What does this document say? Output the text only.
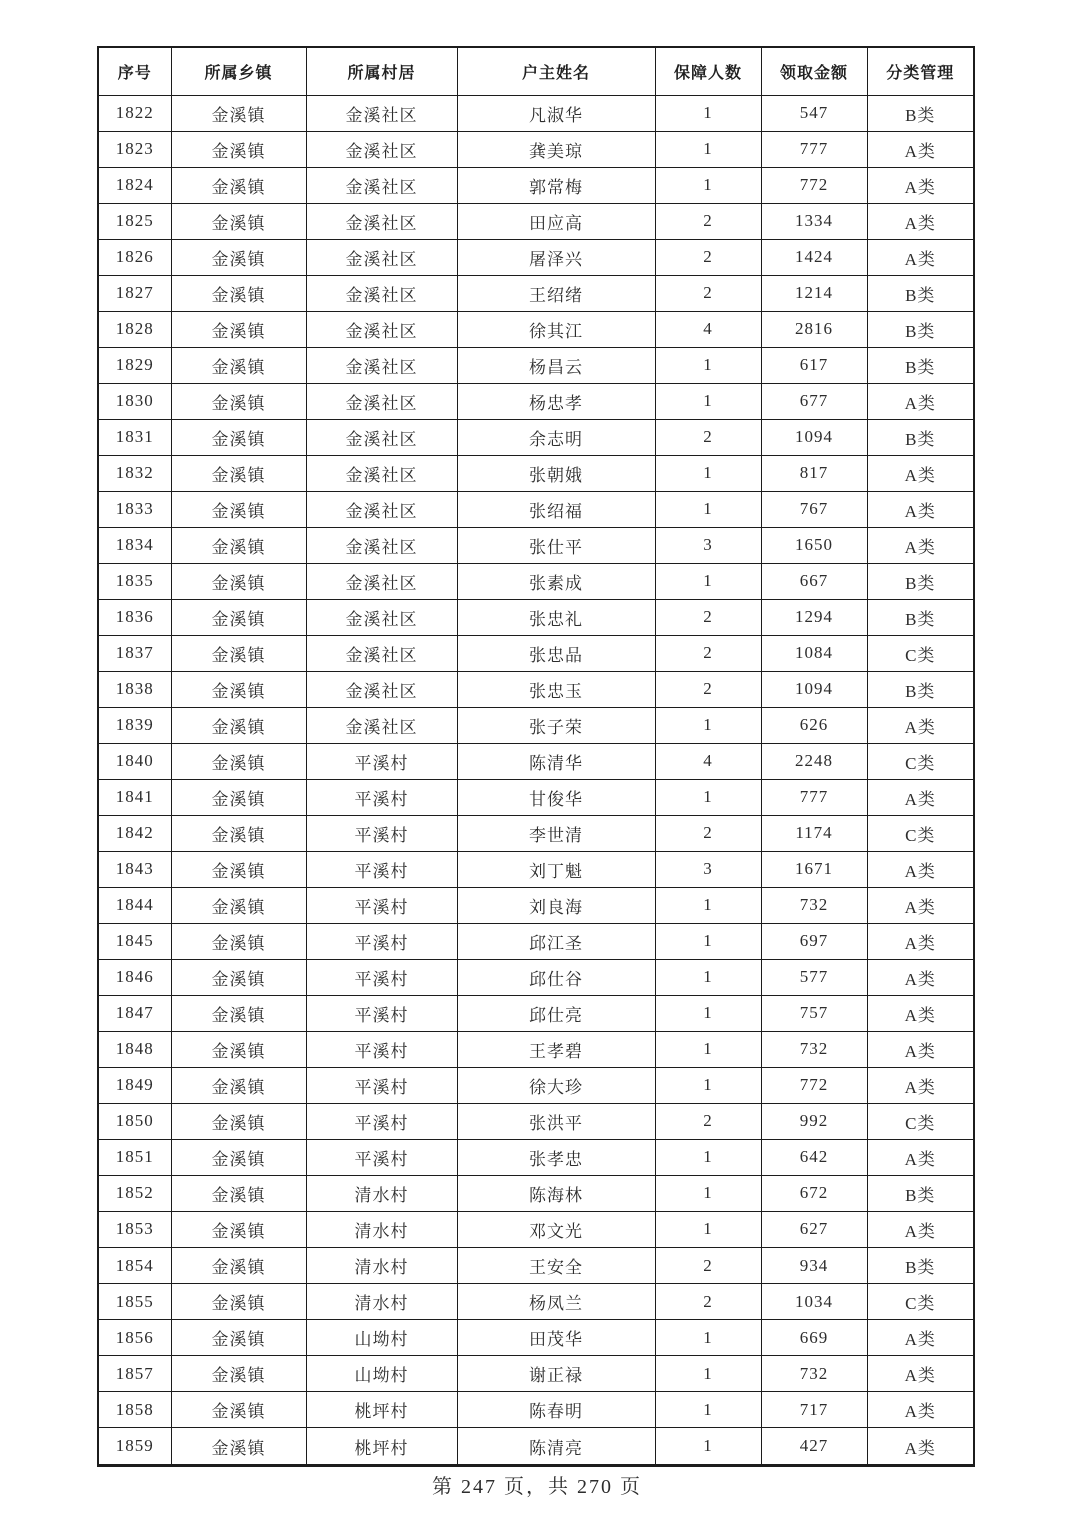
序号	所属乡镇	所属村居	户主姓名	保障人数	领取金额	分类管理
1822	金溪镇	金溪社区	凡淑华	1	547	B类
1823	金溪镇	金溪社区	龚美琼	1	777	A类
1824	金溪镇	金溪社区	郭常梅	1	772	A类
1825	金溪镇	金溪社区	田应高	2	1334	A类
1826	金溪镇	金溪社区	屠泽兴	2	1424	A类
1827	金溪镇	金溪社区	王绍绪	2	1214	B类
1828	金溪镇	金溪社区	徐其江	4	2816	B类
1829	金溪镇	金溪社区	杨昌云	1	617	B类
1830	金溪镇	金溪社区	杨忠孝	1	677	A类
1831	金溪镇	金溪社区	余志明	2	1094	B类
1832	金溪镇	金溪社区	张朝娥	1	817	A类
1833	金溪镇	金溪社区	张绍福	1	767	A类
1834	金溪镇	金溪社区	张仕平	3	1650	A类
1835	金溪镇	金溪社区	张素成	1	667	B类
1836	金溪镇	金溪社区	张忠礼	2	1294	B类
1837	金溪镇	金溪社区	张忠品	2	1084	C类
1838	金溪镇	金溪社区	张忠玉	2	1094	B类
1839	金溪镇	金溪社区	张子荣	1	626	A类
1840	金溪镇	平溪村	陈清华	4	2248	C类
1841	金溪镇	平溪村	甘俊华	1	777	A类
1842	金溪镇	平溪村	李世清	2	1174	C类
1843	金溪镇	平溪村	刘丁魁	3	1671	A类
1844	金溪镇	平溪村	刘良海	1	732	A类
1845	金溪镇	平溪村	邱江圣	1	697	A类
1846	金溪镇	平溪村	邱仕谷	1	577	A类
1847	金溪镇	平溪村	邱仕亮	1	757	A类
1848	金溪镇	平溪村	王孝碧	1	732	A类
1849	金溪镇	平溪村	徐大珍	1	772	A类
1850	金溪镇	平溪村	张洪平	2	992	C类
1851	金溪镇	平溪村	张孝忠	1	642	A类
1852	金溪镇	清水村	陈海林	1	672	B类
1853	金溪镇	清水村	邓文光	1	627	A类
1854	金溪镇	清水村	王安全	2	934	B类
1855	金溪镇	清水村	杨凤兰	2	1034	C类
1856	金溪镇	山坳村	田茂华	1	669	A类
1857	金溪镇	山坳村	谢正禄	1	732	A类
1858	金溪镇	桃坪村	陈春明	1	717	A类
1859	金溪镇	桃坪村	陈清亮	1	427	A类
第 247 页，共 270 页
